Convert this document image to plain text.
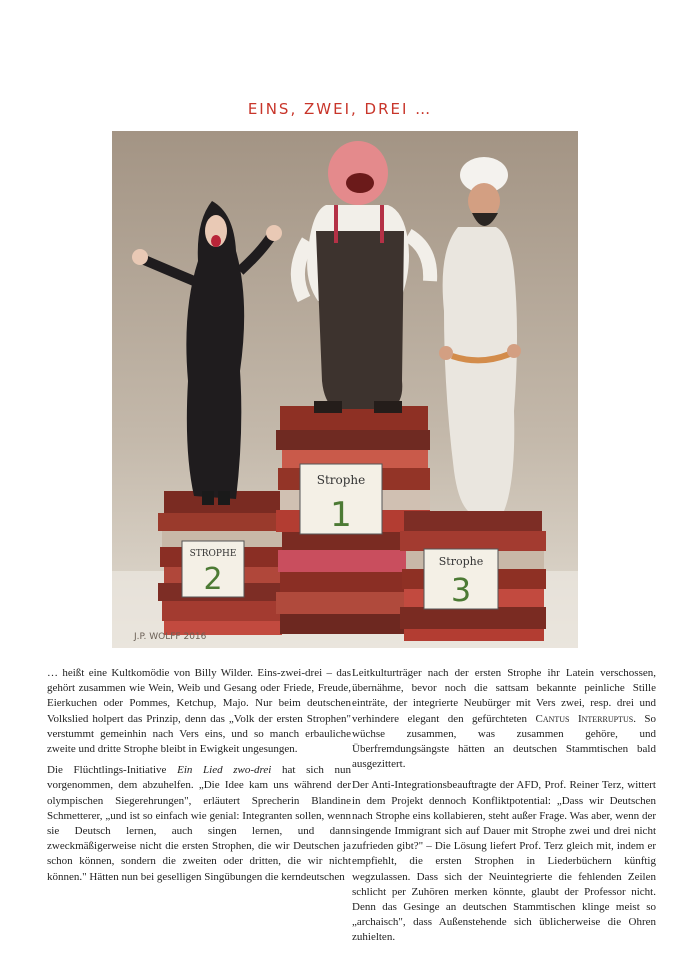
EINS, ZWEI, DREI …
Strophe
1
STROPHE
2
Strophe
3
J.P. WOLFF 2016

… heißt eine Kultkomödie von Billy Wilder. Eins-zwei-drei – das gehört zusammen wie Wein, Weib und Gesang oder Friede, Freude, Eierkuchen oder Pommes, Ketchup, Majo. Nur beim deutschen Volkslied holpert das Prinzip, denn das „Volk der ersten Strophen" verstummt gemeinhin nach Vers eins, und so manch erbauliche zweite und dritte Strophe bleibt in Ewigkeit ungesungen.

Die Flüchtlings-Initiative Ein Lied zwo-drei hat sich nun vorgenommen, dem abzuhelfen. „Die Idee kam uns während der olympischen Siegerehrungen", erläutert Sprecherin Blandine Schmetterer, „und ist so einfach wie genial: Integranten sollen, wenn sie Deutsch lernen, auch singen lernen, und dann zweckmäßigerweise nicht die ersten Strophen, die wir Deutschen ja schon können, sondern die zweiten oder dritten, die wir nicht können." Hätten nun bei geselligen Singübungen die kerndeutschen

Leitkulturträger nach der ersten Strophe ihr Latein verschossen, übernähme, bevor noch die sattsam bekannte peinliche Stille einträte, der integrierte Neubürger mit Vers zwei, resp. drei und verhindere elegant den gefürchteten Cantus Interruptus. So wüchse zusammen, was zusammen gehöre, und Überfremdungsängste hätten an deutschen Stammtischen bald ausgezittert.

Der Anti-Integrationsbeauftragte der AFD, Prof. Reiner Terz, wittert in dem Projekt dennoch Konfliktpotential: „Dass wir Deutschen nach Strophe eins kollabieren, steht außer Frage. Was aber, wenn der singende Immigrant sich auf Dauer mit Strophe zwei und drei nicht zufrieden gibt?" – Die Lösung liefert Prof. Terz gleich mit, indem er empfiehlt, die ersten Strophen in Liederbüchern künftig wegzulassen. Dass sich der Neuintegrierte die fehlenden Zeilen schlicht per Zuhören merken könnte, glaubt der Professor nicht. Denn das Gesinge an deutschen Stammtischen klinge meist so „archaisch", dass Außenstehende sich üblicherweise die Ohren zuhielten.
